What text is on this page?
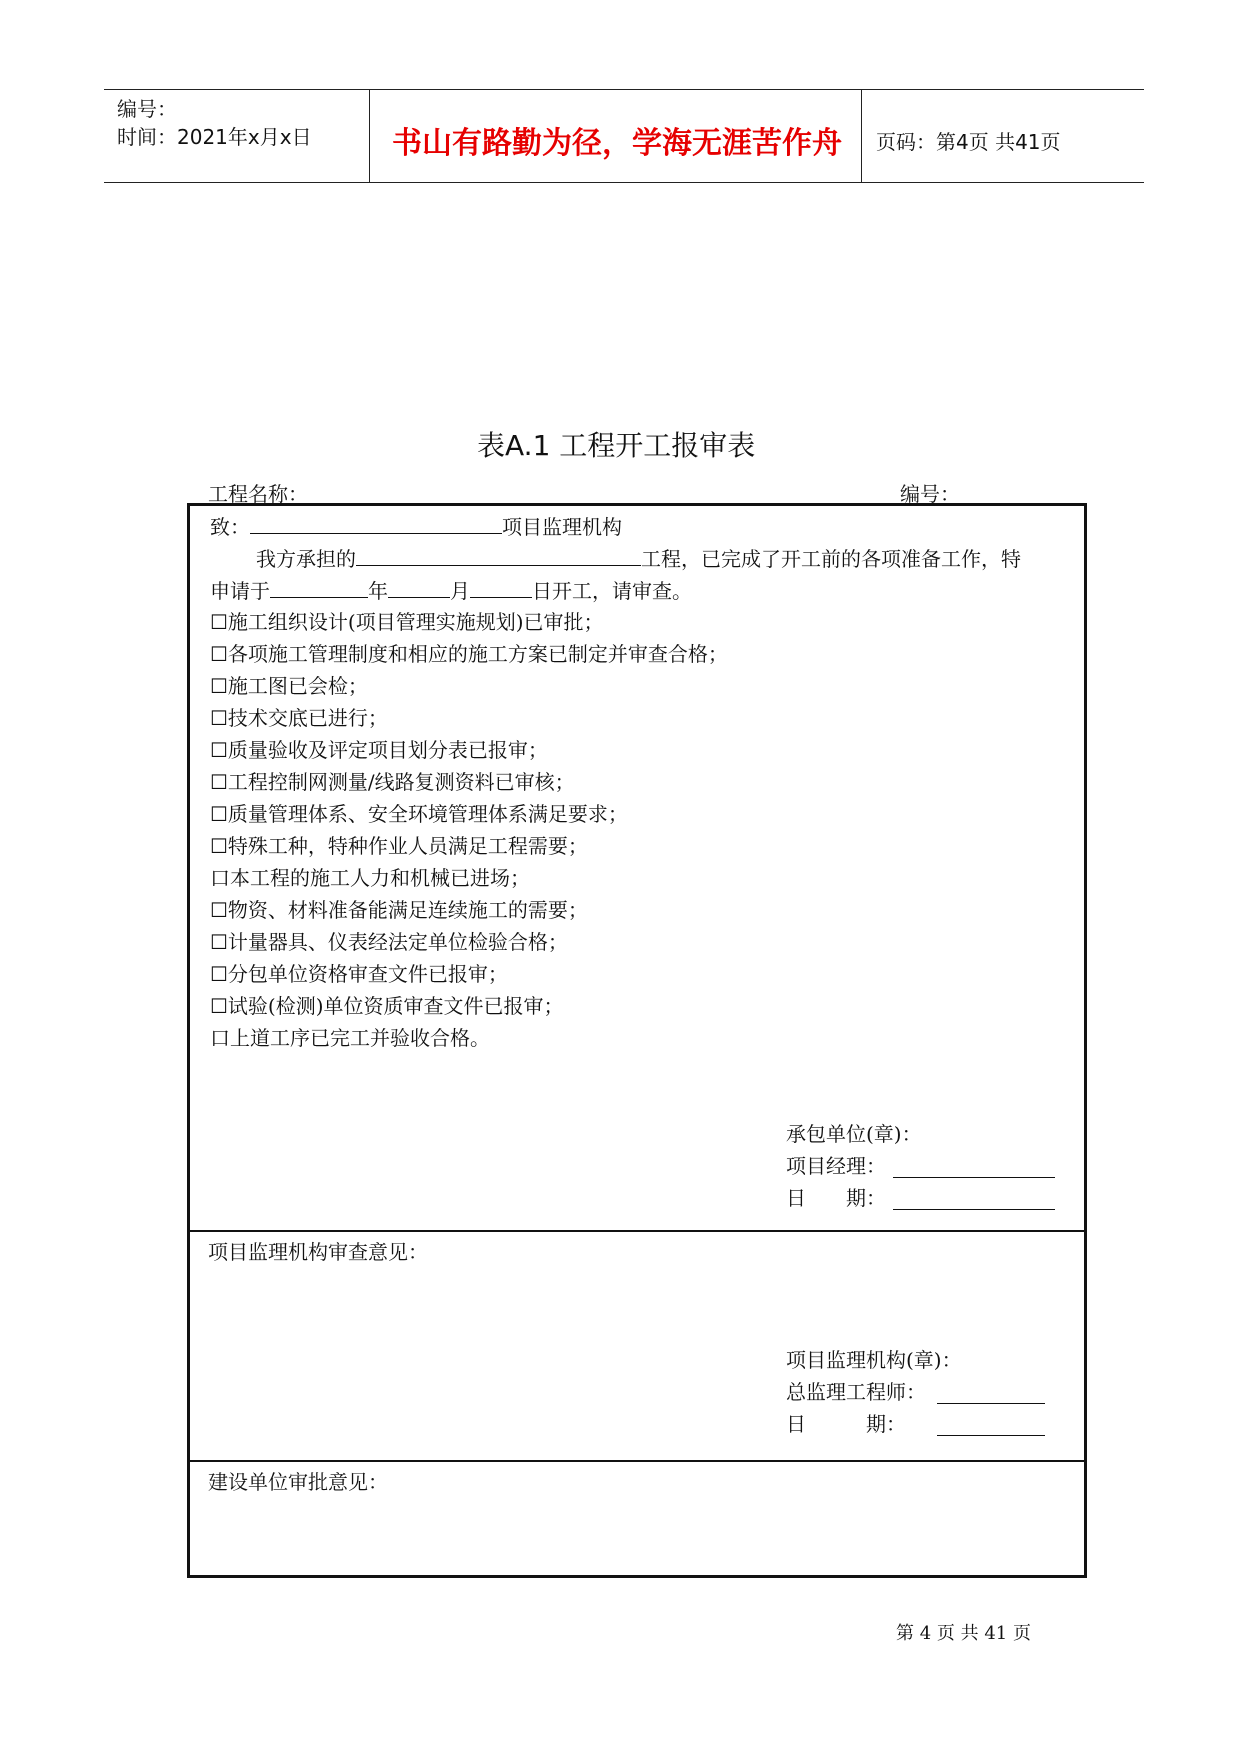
编号：
时间：2021年x月x日	书山有路勤为径，学海无涯苦作舟 页码：第4页 共41页
表A.1 工程开工报审表
工程名称：	编号：
致：	项目监理机构
我方承担的	工程，已完成了开工前的各项准备工作，特
申请于	年	月	日开工，请审查。
☐施工组织设计(项目管理实施规划)已审批；
☐各项施工管理制度和相应的施工方案已制定并审查合格；
☐施工图已会检；
☐技术交底已进行；
☐质量验收及评定项目划分表已报审；
☐工程控制网测量/线路复测资料已审核；
☐质量管理体系、安全环境管理体系满足要求；
☐特殊工种，特种作业人员满足工程需要；
口本工程的施工人力和机械已进场；
☐物资、材料准备能满足连续施工的需要；
☐计量器具、仪表经法定单位检验合格；
☐分包单位资格审查文件已报审；
☐试验(检测)单位资质审查文件已报审；
口上道工序已完工并验收合格。
承包单位(章)：
项目经理：
日　　期：
项目监理机构审查意见：
项目监理机构(章)：
总监理工程师：
日　　　期：
建设单位审批意见：
第 4 页 共 41 页
